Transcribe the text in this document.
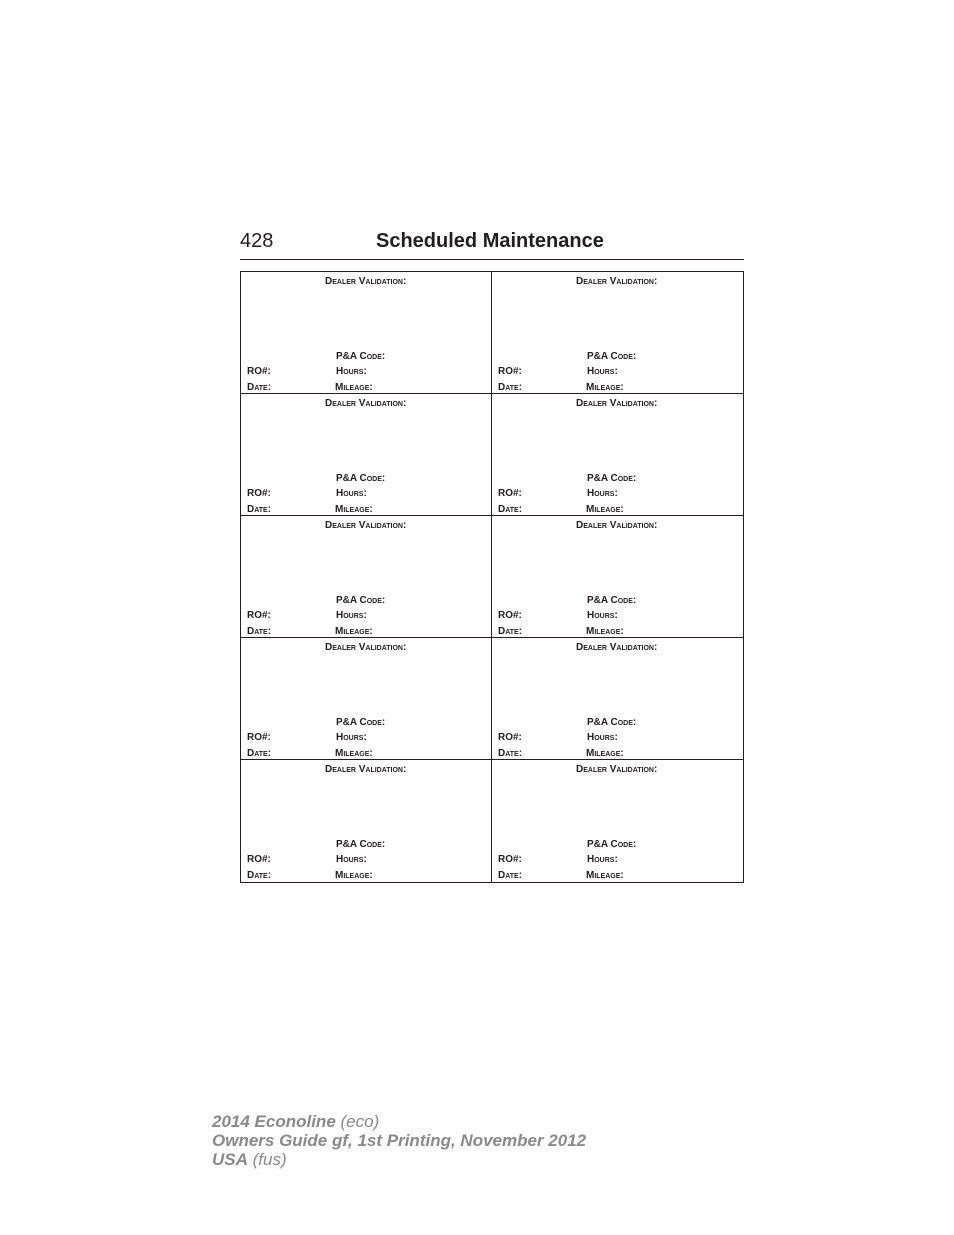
428	Scheduled Maintenance
Dealer Validation:
P&A Code:
RO#:	Hours:
Date:	Mileage:
Dealer Validation:
P&A Code:
RO#:	Hours:
Date:	Mileage:
Dealer Validation:
P&A Code:
RO#:	Hours:
Date:	Mileage:
Dealer Validation:
P&A Code:
RO#:	Hours:
Date:	Mileage:
Dealer Validation:
P&A Code:
RO#:	Hours:
Date:	Mileage:
Dealer Validation:
P&A Code:
RO#:	Hours:
Date:	Mileage:
Dealer Validation:
P&A Code:
RO#:	Hours:
Date:	Mileage:
Dealer Validation:
P&A Code:
RO#:	Hours:
Date:	Mileage:
Dealer Validation:
P&A Code:
RO#:	Hours:
Date:	Mileage:
Dealer Validation:
P&A Code:
RO#:	Hours:
Date:	Mileage:
2014 Econoline (eco)
Owners Guide gf, 1st Printing, November 2012
USA (fus)
